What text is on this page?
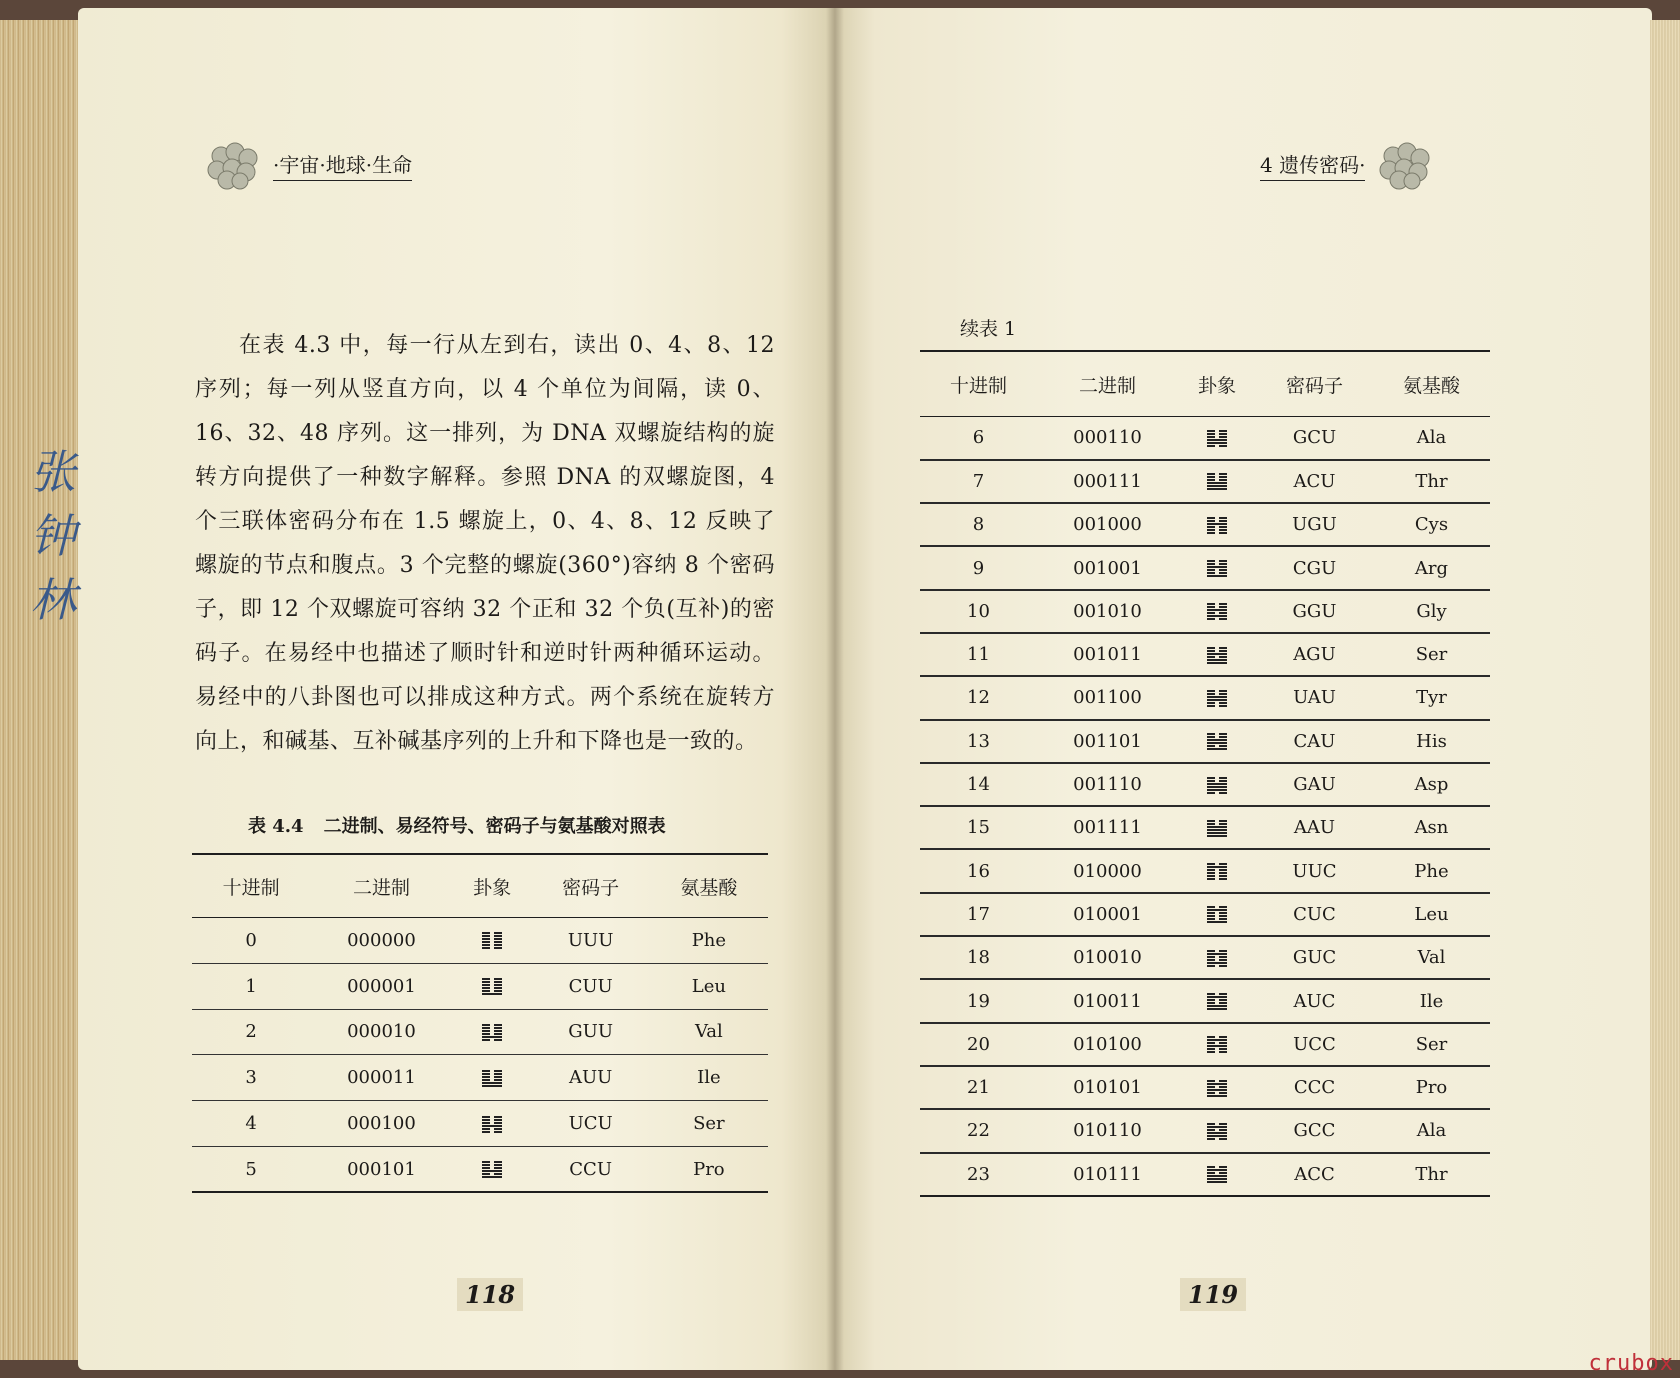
·宇宙·地球·生命	4 遗传密码·
张钟林

在表 4.3 中，每一行从左到右，读出 0、4、8、12 序列；每一列从竖直方向，以 4 个单位为间隔，读 0、16、32、48 序列。这一排列，为 DNA 双螺旋结构的旋转方向提供了一种数字解释。参照 DNA 的双螺旋图，4 个三联体密码分布在 1.5 螺旋上，0、4、8、12 反映了螺旋的节点和腹点。3 个完整的螺旋(360°)容纳 8 个密码子，即 12 个双螺旋可容纳 32 个正和 32 个负(互补)的密码子。在易经中也描述了顺时针和逆时针两种循环运动。易经中的八卦图也可以排成这种方式。两个系统在旋转方向上，和碱基、互补碱基序列的上升和下降也是一致的。

表 4.4 二进制、易经符号、密码子与氨基酸对照表
十进制	二进制	卦象	密码子	氨基酸
0	000000		UUU	Phe
1	000001		CUU	Leu
2	000010		GUU	Val
3	000011		AUU	Ile
4	000100		UCU	Ser
5	000101		CCU	Pro
续表 1
十进制	二进制	卦象	密码子	氨基酸
6	000110		GCU	Ala
7	000111		ACU	Thr
8	001000		UGU	Cys
9	001001		CGU	Arg
10	001010		GGU	Gly
11	001011		AGU	Ser
12	001100		UAU	Tyr
13	001101		CAU	His
14	001110		GAU	Asp
15	001111		AAU	Asn
16	010000		UUC	Phe
17	010001		CUC	Leu
18	010010		GUC	Val
19	010011		AUC	Ile
20	010100		UCC	Ser
21	010101		CCC	Pro
22	010110		GCC	Ala
23	010111		ACC	Thr
118	119
crubox
